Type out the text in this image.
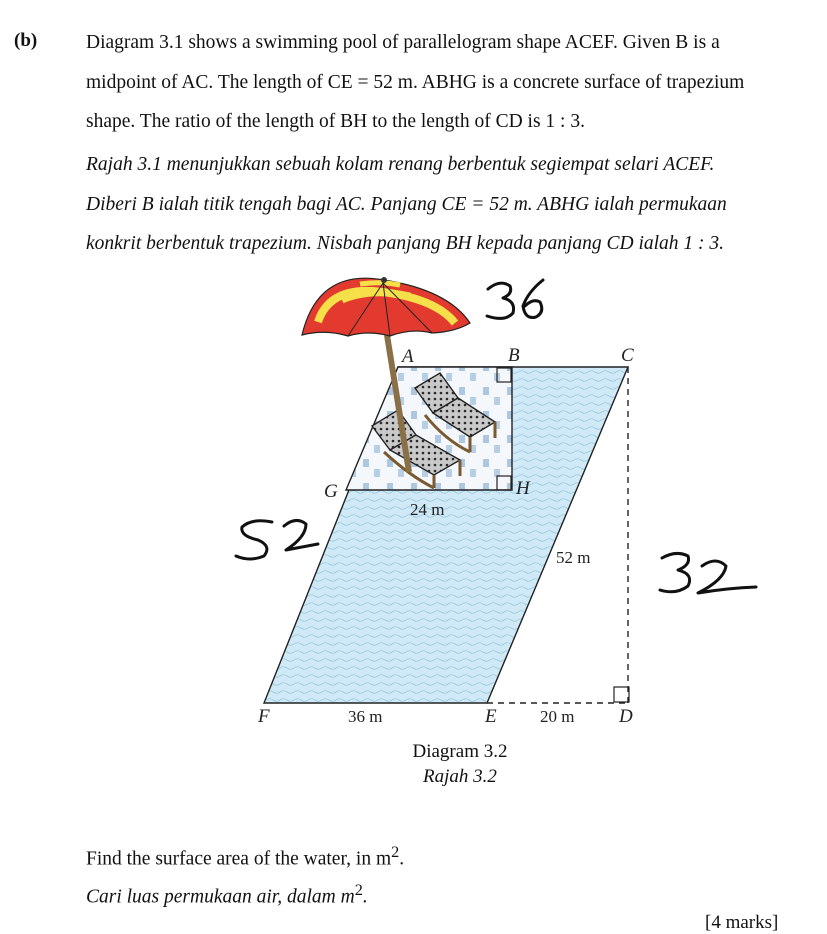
(b)	Diagram 3.1 shows a swimming pool of parallelogram shape ACEF. Given B is a
midpoint of AC. The length of CE = 52 m. ABHG is a concrete surface of trapezium
shape. The ratio of the length of BH to the length of CD is 1 : 3.

Rajah 3.1 menunjukkan sebuah kolam renang berbentuk segiempat selari ACEF.
Diberi B ialah titik tengah bagi AC. Panjang CE = 52 m. ABHG ialah permukaan
konkrit berbentuk trapezium. Nisbah panjang BH kepada panjang CD ialah 1 : 3.

A	B	C
G	H
F	E	D
24 m
52 m
36 m	20 m
Diagram 3.2
Rajah 3.2
Find the surface area of the water, in $m^2$.
Cari luas permukaan air, dalam $m^2$.
[4 marks]
